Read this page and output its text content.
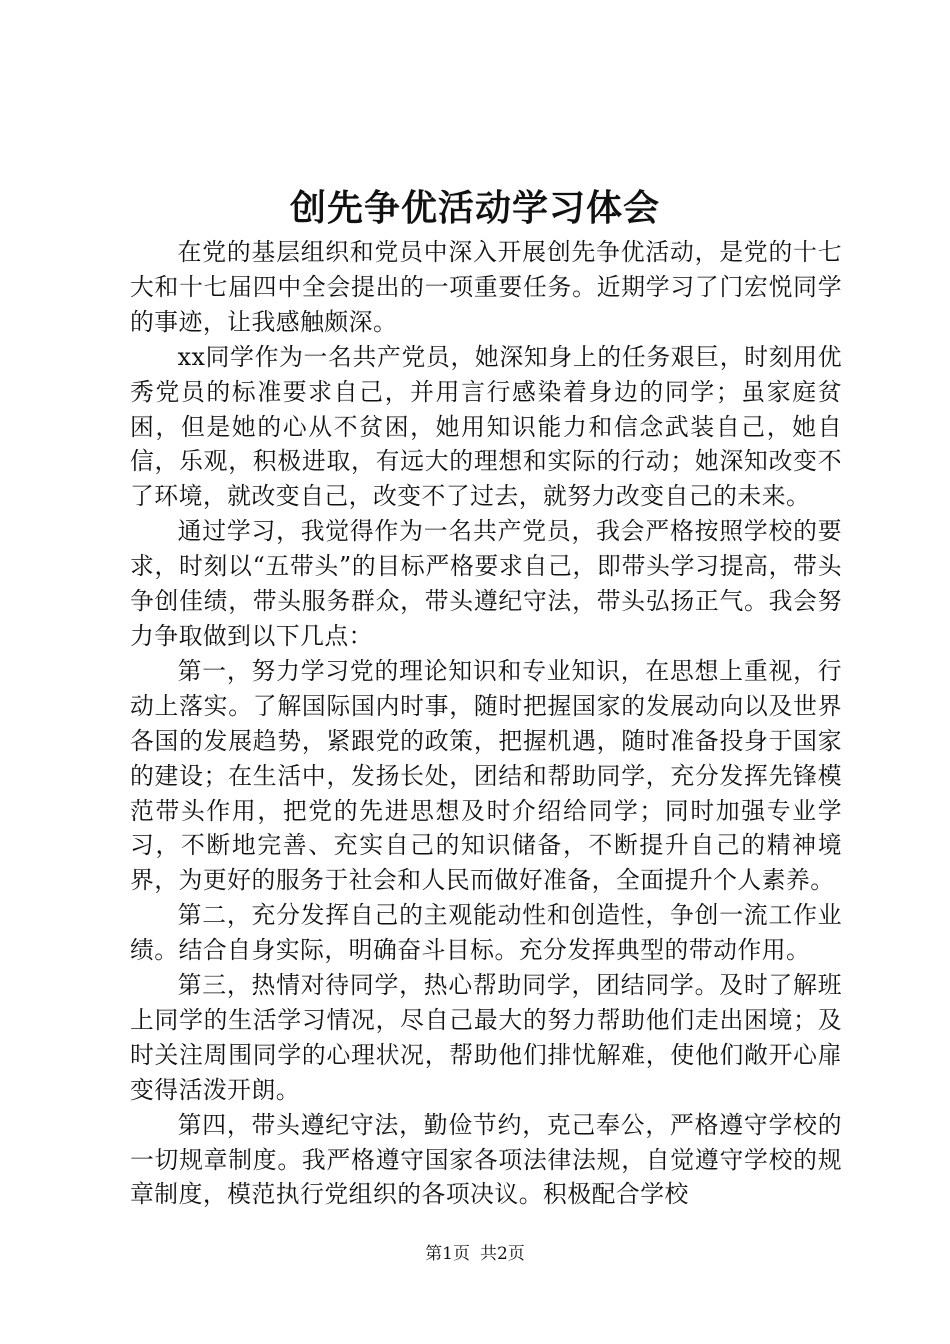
创先争优活动学习体会

在党的基层组织和党员中深入开展创先争优活动，是党的十七大和十七届四中全会提出的一项重要任务。近期学习了门宏悦同学的事迹，让我感触颇深。

xx同学作为一名共产党员，她深知身上的任务艰巨，时刻用优秀党员的标准要求自己，并用言行感染着身边的同学；虽家庭贫困，但是她的心从不贫困，她用知识能力和信念武装自己，她自信，乐观，积极进取，有远大的理想和实际的行动；她深知改变不了环境，就改变自己，改变不了过去，就努力改变自己的未来。

通过学习，我觉得作为一名共产党员，我会严格按照学校的要求，时刻以“五带头”的目标严格要求自己，即带头学习提高，带头争创佳绩，带头服务群众，带头遵纪守法，带头弘扬正气。我会努力争取做到以下几点：

第一，努力学习党的理论知识和专业知识，在思想上重视，行动上落实。了解国际国内时事，随时把握国家的发展动向以及世界各国的发展趋势，紧跟党的政策，把握机遇，随时准备投身于国家的建设；在生活中，发扬长处，团结和帮助同学，充分发挥先锋模范带头作用，把党的先进思想及时介绍给同学；同时加强专业学习，不断地完善、充实自己的知识储备，不断提升自己的精神境界，为更好的服务于社会和人民而做好准备，全面提升个人素养。

第二，充分发挥自己的主观能动性和创造性，争创一流工作业绩。结合自身实际，明确奋斗目标。充分发挥典型的带动作用。

第三，热情对待同学，热心帮助同学，团结同学。及时了解班上同学的生活学习情况，尽自己最大的努力帮助他们走出困境；及时关注周围同学的心理状况，帮助他们排忧解难，使他们敞开心扉变得活泼开朗。

第四，带头遵纪守法，勤俭节约，克己奉公，严格遵守学校的一切规章制度。我严格遵守国家各项法律法规，自觉遵守学校的规章制度，模范执行党组织的各项决议。积极配合学校

第1页 共2页
